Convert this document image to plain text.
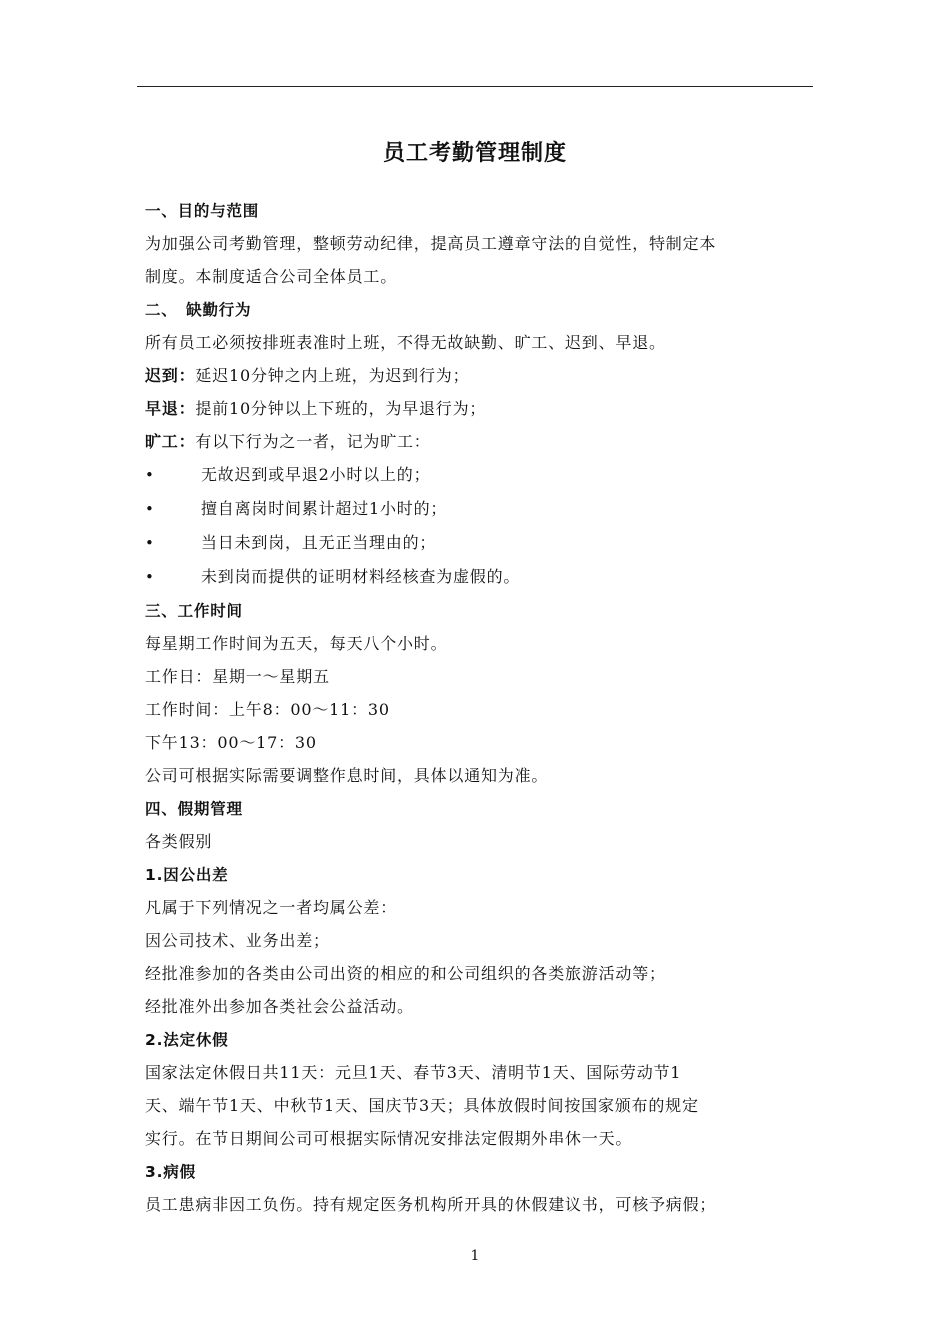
员工考勤管理制度
一、目的与范围
为加强公司考勤管理，整顿劳动纪律，提高员工遵章守法的自觉性，特制定本
制度。本制度适合公司全体员工。
二、　缺勤行为
所有员工必须按排班表准时上班，不得无故缺勤、旷工、迟到、早退。
迟到：延迟10分钟之内上班，为迟到行为；
早退：提前10分钟以上下班的，为早退行为；
旷工：有以下行为之一者，记为旷工：
•	无故迟到或早退2小时以上的；
•	擅自离岗时间累计超过1小时的；
•	当日未到岗，且无正当理由的；
•	未到岗而提供的证明材料经核查为虚假的。
三、工作时间
每星期工作时间为五天，每天八个小时。
工作日：星期一～星期五
工作时间：上午8：00～11：30
下午13：00～17：30
公司可根据实际需要调整作息时间，具体以通知为准。
四、假期管理
各类假别
1.因公出差
凡属于下列情况之一者均属公差：
因公司技术、业务出差；
经批准参加的各类由公司出资的相应的和公司组织的各类旅游活动等；
经批准外出参加各类社会公益活动。
2.法定休假
国家法定休假日共11天：元旦1天、春节3天、清明节1天、国际劳动节1
天、端午节1天、中秋节1天、国庆节3天；具体放假时间按国家颁布的规定
实行。在节日期间公司可根据实际情况安排法定假期外串休一天。
3.病假
员工患病非因工负伤。持有规定医务机构所开具的休假建议书，可核予病假；
1
